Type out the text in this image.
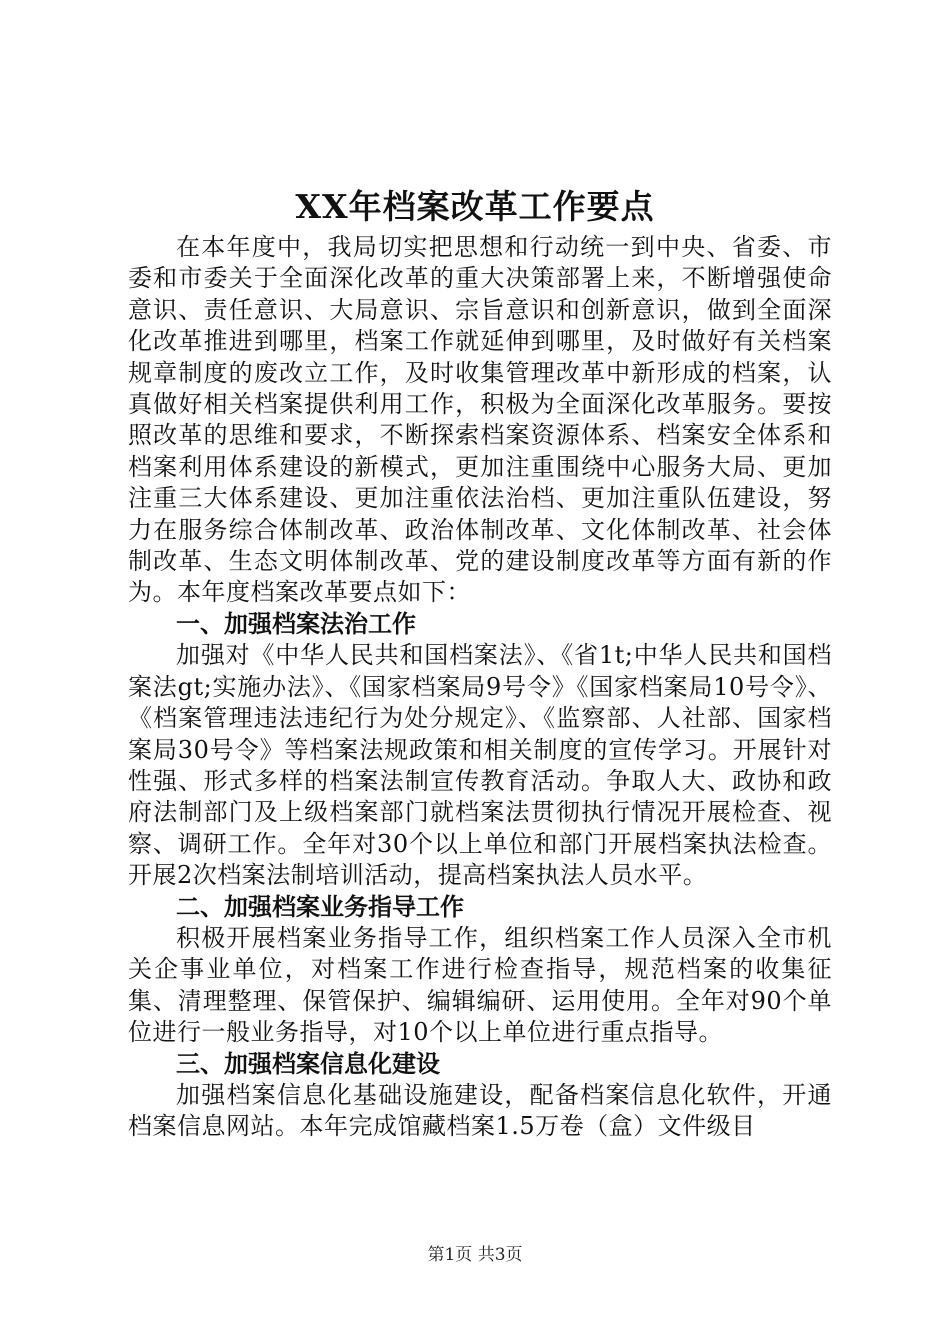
XX年档案改革工作要点

在本年度中，我局切实把思想和行动统一到中央、省委、市委和市委关于全面深化改革的重大决策部署上来，不断增强使命意识、责任意识、大局意识、宗旨意识和创新意识，做到全面深化改革推进到哪里，档案工作就延伸到哪里，及时做好有关档案规章制度的废改立工作，及时收集管理改革中新形成的档案，认真做好相关档案提供利用工作，积极为全面深化改革服务。要按照改革的思维和要求，不断探索档案资源体系、档案安全体系和档案利用体系建设的新模式，更加注重围绕中心服务大局、更加注重三大体系建设、更加注重依法治档、更加注重队伍建设，努力在服务综合体制改革、政治体制改革、文化体制改革、社会体制改革、生态文明体制改革、党的建设制度改革等方面有新的作为。本年度档案改革要点如下：

一、加强档案法治工作

加强对《中华人民共和国档案法》、《省1t;中华人民共和国档案法gt;实施办法》、《国家档案局9号令》《国家档案局10号令》、《档案管理违法违纪行为处分规定》、《监察部、人社部、国家档案局30号令》等档案法规政策和相关制度的宣传学习。开展针对性强、形式多样的档案法制宣传教育活动。争取人大、政协和政府法制部门及上级档案部门就档案法贯彻执行情况开展检查、视察、调研工作。全年对30个以上单位和部门开展档案执法检查。开展2次档案法制培训活动，提高档案执法人员水平。

二、加强档案业务指导工作

积极开展档案业务指导工作，组织档案工作人员深入全市机关企事业单位，对档案工作进行检查指导，规范档案的收集征集、清理整理、保管保护、编辑编研、运用使用。全年对90个单位进行一般业务指导，对10个以上单位进行重点指导。

三、加强档案信息化建设

加强档案信息化基础设施建设，配备档案信息化软件，开通档案信息网站。本年完成馆藏档案1.5万卷（盒）文件级目

第1页 共3页
